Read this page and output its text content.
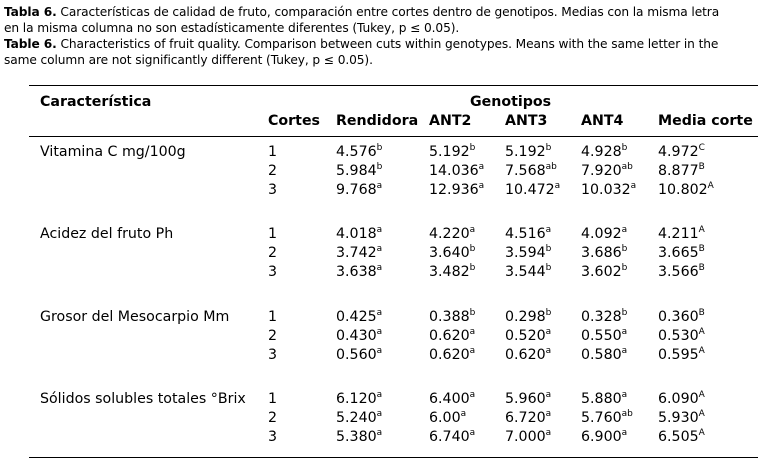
Tabla 6. Características de calidad de fruto, comparación entre cortes dentro de genotipos. Medias con la misma letra
en la misma columna no son estadísticamente diferentes (Tukey, p ≤ 0.05).
Table 6. Characteristics of fruit quality. Comparison between cuts within genotypes. Means with the same letter in the
same column are not significantly different (Tukey, p ≤ 0.05).
Característica	Genotipos
Cortes Rendidora ANT2 ANT3 ANT4 Media corte
Vitamina C mg/100g	1	4.576$^b$	5.192$^b$ 5.192$^b$ 4.928$^b$ $4.972^C$
2	5.984$^b$	14.036$^a$ 7.568$^{ab}$ 7.920$^{ab}$ $8.877^B$
3	9.768$^a$	12.936$^a$ 10.472$^a$ 10.032$^a$ $10.802^A$
Acidez del fruto Ph	1	4.018$^a$	4.220$^a$ 4.516$^a$ 4.092$^a$ $4.211^A$
2	3.742$^a$	3.640$^b$ 3.594$^b$ 3.686$^b$ $3.665^B$
3	3.638$^a$	3.482$^b$ 3.544$^b$ 3.602$^b$ $3.566^B$
Grosor del Mesocarpio Mm	1	0.425$^a$	0.388$^b$ 0.298$^b$ 0.328$^b$ $0.360^B$
2	0.430$^a$	0.620$^a$ 0.520$^a$ 0.550$^a$ $0.530^A$
3	0.560$^a$	0.620$^a$ 0.620$^a$ 0.580$^a$ $0.595^A$
Sólidos solubles totales °Brix 1	6.120$^a$	6.400$^a$ 5.960$^a$ 5.880$^a$ $6.090^A$
2	5.240$^a$	6.00$^a$	6.720$^a$ 5.760$^{ab}$ $5.930^A$
3	5.380$^a$	6.740$^a$ 7.000$^a$ 6.900$^a$ $6.505^A$
